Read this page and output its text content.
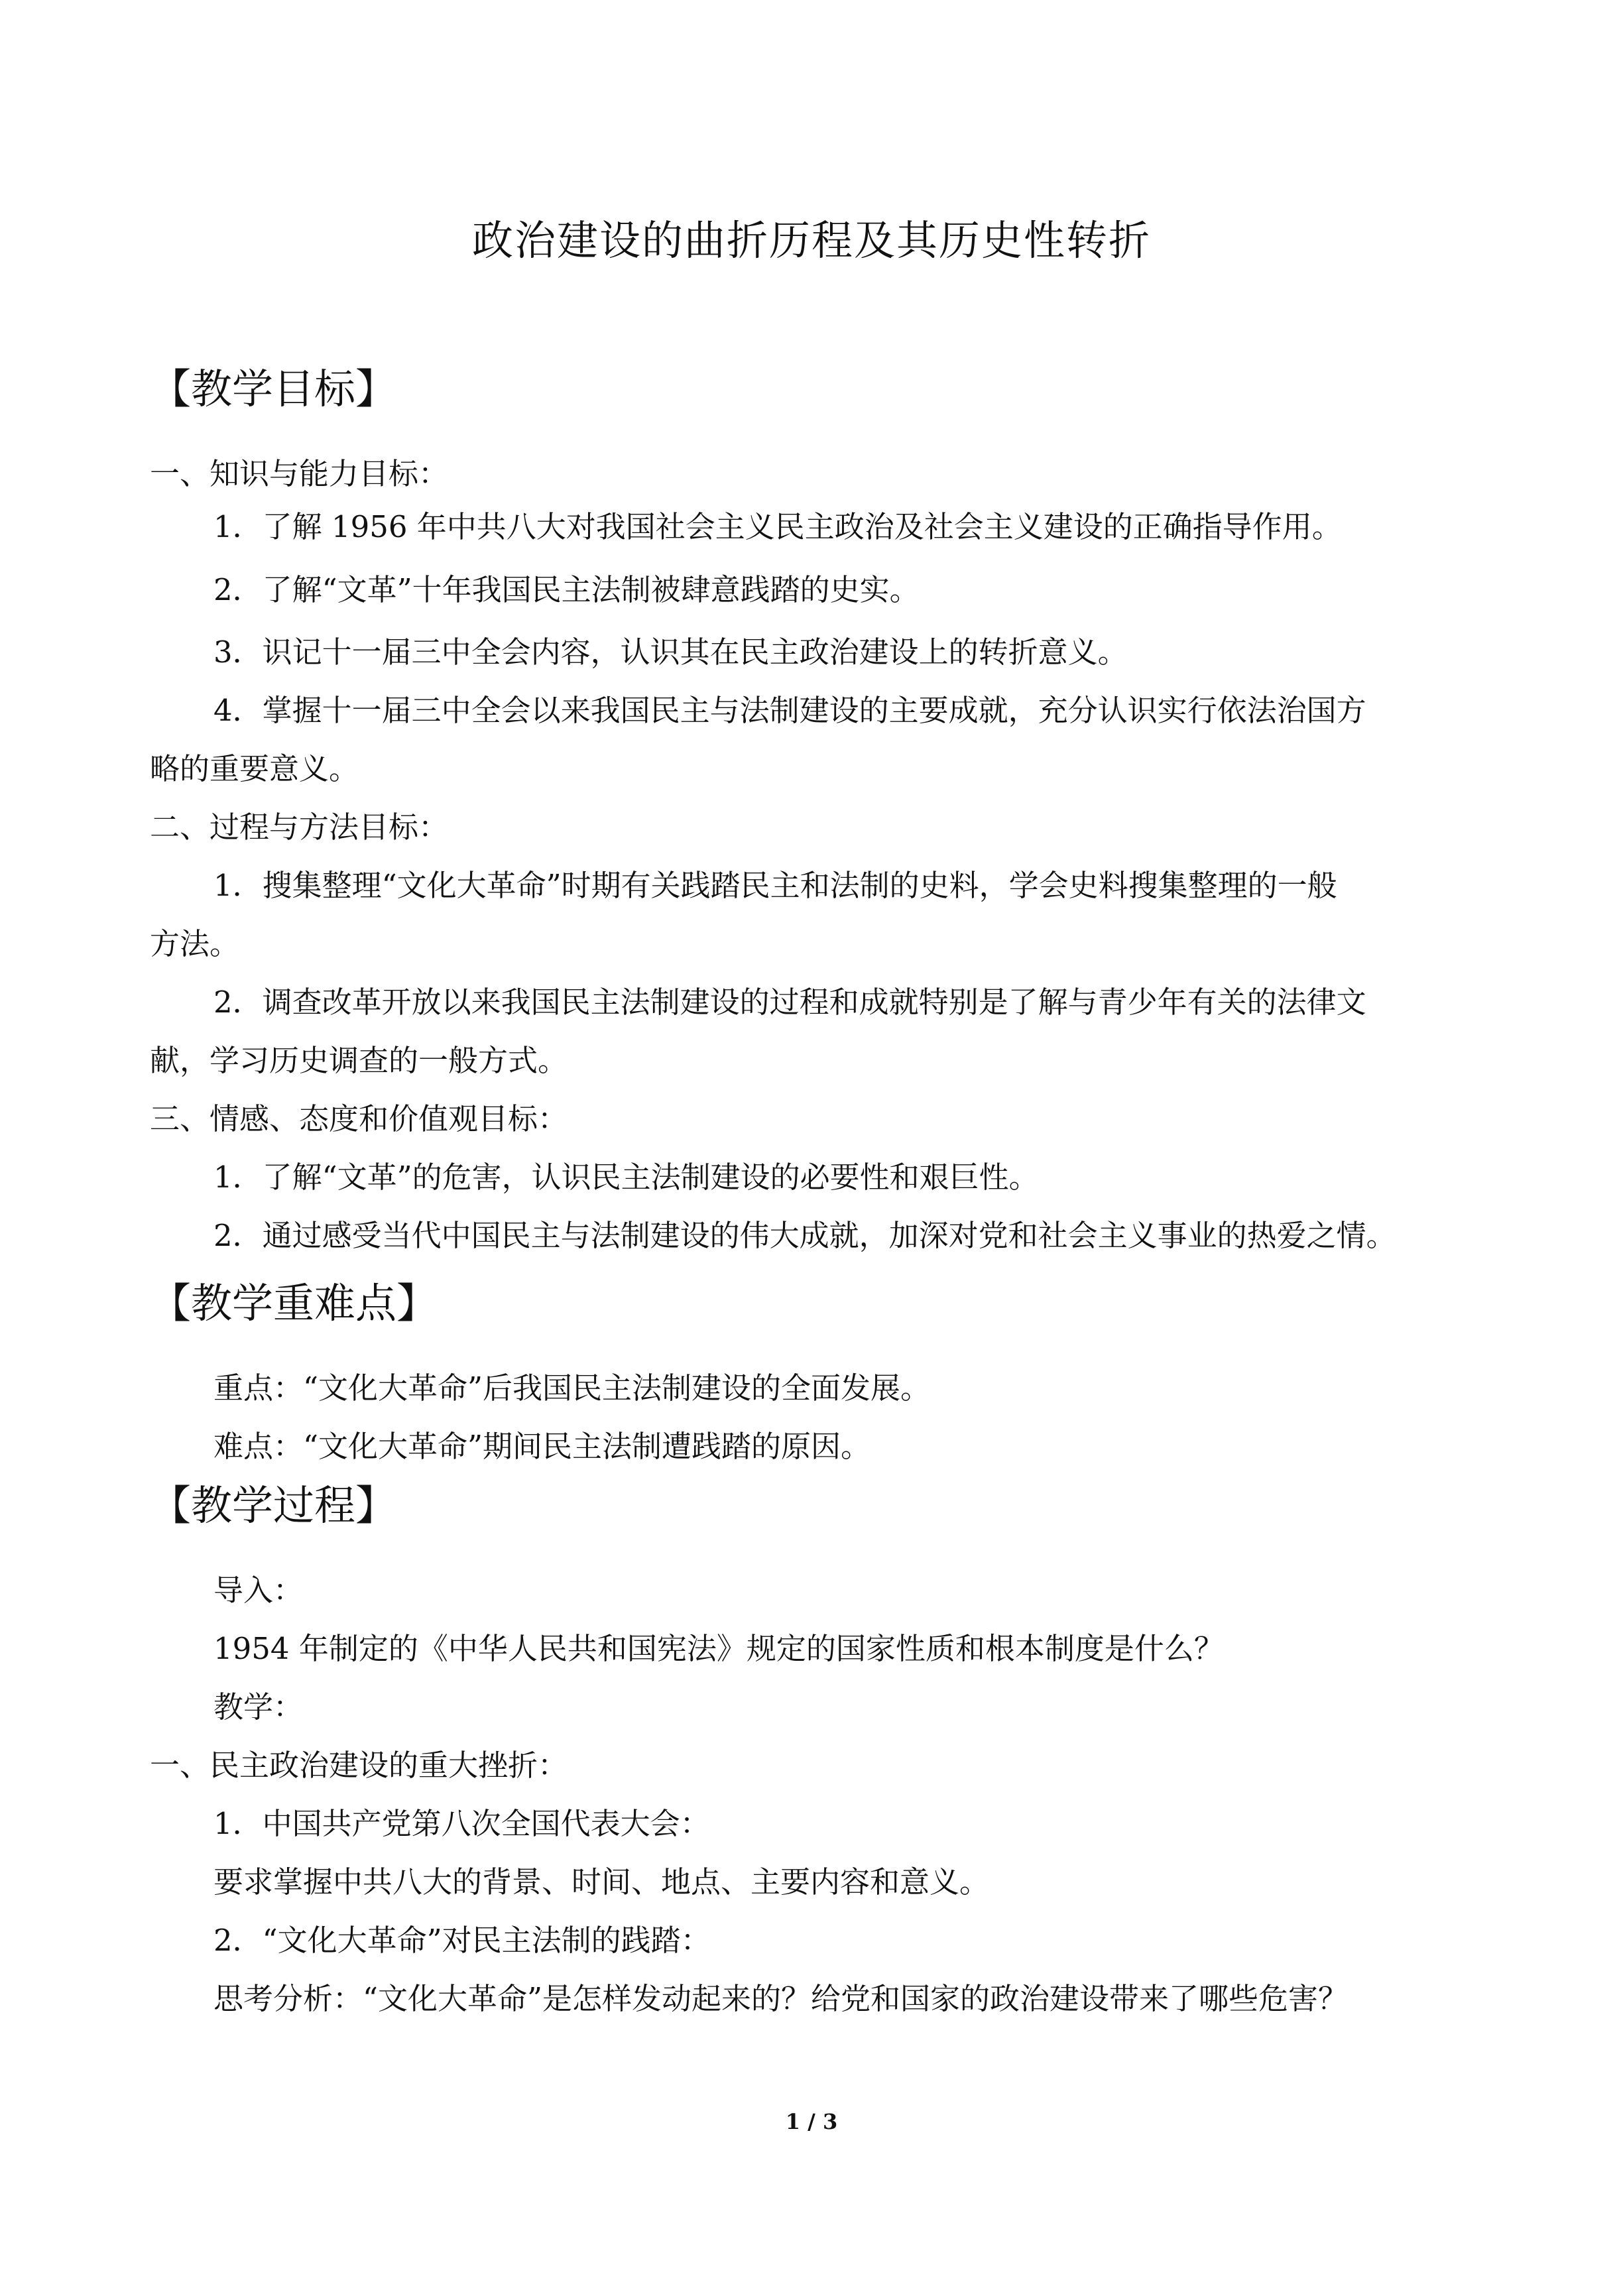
政治建设的曲折历程及其历史性转折
【教学目标】
一、知识与能力目标：
1．了解 1956 年中共八大对我国社会主义民主政治及社会主义建设的正确指导作用。
2．了解“文革”十年我国民主法制被肆意践踏的史实。
3．识记十一届三中全会内容，认识其在民主政治建设上的转折意义。
4．掌握十一届三中全会以来我国民主与法制建设的主要成就，充分认识实行依法治国方
略的重要意义。
二、过程与方法目标：
1．搜集整理“文化大革命”时期有关践踏民主和法制的史料，学会史料搜集整理的一般
方法。
2．调查改革开放以来我国民主法制建设的过程和成就特别是了解与青少年有关的法律文
献，学习历史调查的一般方式。
三、情感、态度和价值观目标：
1．了解“文革”的危害，认识民主法制建设的必要性和艰巨性。
2．通过感受当代中国民主与法制建设的伟大成就，加深对党和社会主义事业的热爱之情。
【教学重难点】
重点：“文化大革命”后我国民主法制建设的全面发展。
难点：“文化大革命”期间民主法制遭践踏的原因。
【教学过程】
导入：
1954 年制定的《中华人民共和国宪法》规定的国家性质和根本制度是什么？
教学：
一、民主政治建设的重大挫折：
1．中国共产党第八次全国代表大会：
要求掌握中共八大的背景、时间、地点、主要内容和意义。
2．“文化大革命”对民主法制的践踏：
思考分析：“文化大革命”是怎样发动起来的？给党和国家的政治建设带来了哪些危害？
1 / 3
